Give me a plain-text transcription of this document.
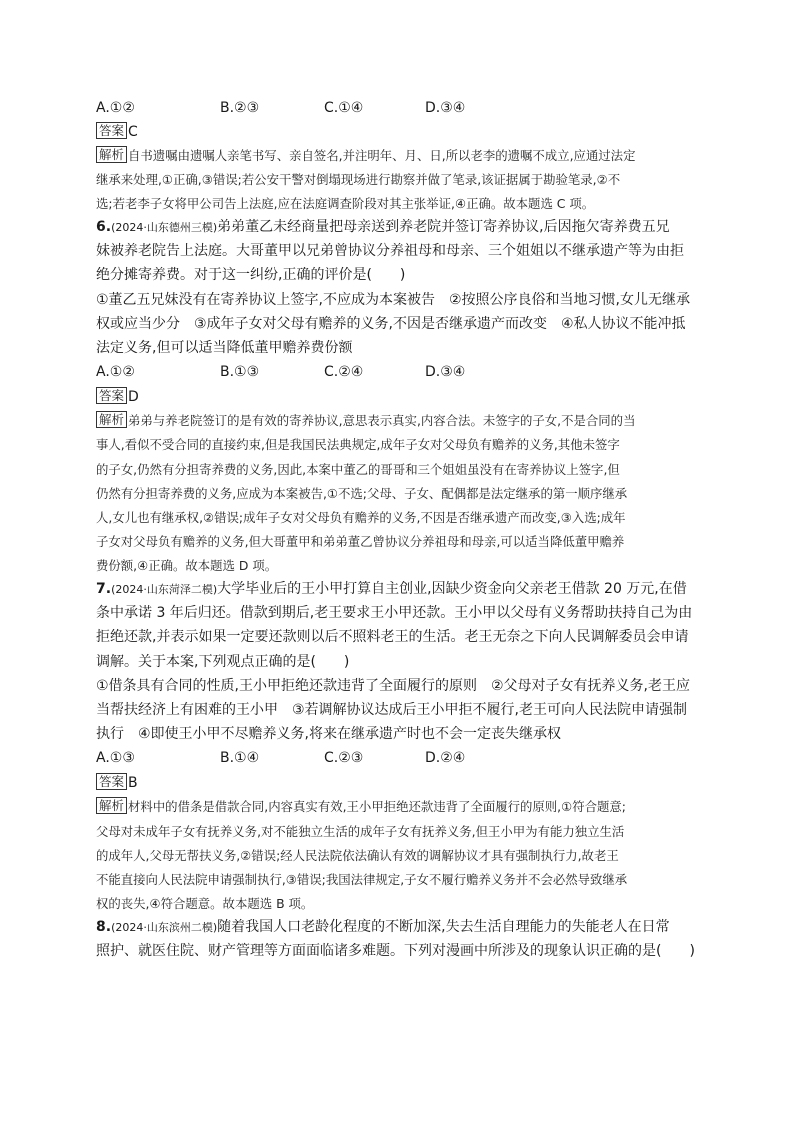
A.①②	B.②③	C.①④	D.③④
答案 C
解析 自书遗嘱由遗嘱人亲笔书写、亲自签名,并注明年、月、日,所以老李的遗嘱不成立,应通过法定
继承来处理,①正确,③错误;若公安干警对倒塌现场进行勘察并做了笔录,该证据属于勘验笔录,②不
选;若老李子女将甲公司告上法庭,应在法庭调查阶段对其主张举证,④正确。故本题选 C 项。
6.(2024·山东德州三模)弟弟董乙未经商量把母亲送到养老院并签订寄养协议,后因拖欠寄养费五兄
妹被养老院告上法庭。大哥董甲以兄弟曾协议分养祖母和母亲、三个姐姐以不继承遗产等为由拒
绝分摊寄养费。对于这一纠纷,正确的评价是(　　)
①董乙五兄妹没有在寄养协议上签字,不应成为本案被告　②按照公序良俗和当地习惯,女儿无继承
权或应当少分　③成年子女对父母有赡养的义务,不因是否继承遗产而改变　④私人协议不能冲抵
法定义务,但可以适当降低董甲赡养费份额
A.①②	B.①③	C.②④	D.③④
答案 D
解析 弟弟与养老院签订的是有效的寄养协议,意思表示真实,内容合法。未签字的子女,不是合同的当
事人,看似不受合同的直接约束,但是我国民法典规定,成年子女对父母负有赡养的义务,其他未签字
的子女,仍然有分担寄养费的义务,因此,本案中董乙的哥哥和三个姐姐虽没有在寄养协议上签字,但
仍然有分担寄养费的义务,应成为本案被告,①不选;父母、子女、配偶都是法定继承的第一顺序继承
人,女儿也有继承权,②错误;成年子女对父母负有赡养的义务,不因是否继承遗产而改变,③入选;成年
子女对父母负有赡养的义务,但大哥董甲和弟弟董乙曾协议分养祖母和母亲,可以适当降低董甲赡养
费份额,④正确。故本题选 D 项。
7.(2024·山东菏泽二模)大学毕业后的王小甲打算自主创业,因缺少资金向父亲老王借款 20 万元,在借
条中承诺 3 年后归还。借款到期后,老王要求王小甲还款。王小甲以父母有义务帮助扶持自己为由
拒绝还款,并表示如果一定要还款则以后不照料老王的生活。老王无奈之下向人民调解委员会申请
调解。关于本案,下列观点正确的是(　　)
①借条具有合同的性质,王小甲拒绝还款违背了全面履行的原则　②父母对子女有抚养义务,老王应
当帮扶经济上有困难的王小甲　③若调解协议达成后王小甲拒不履行,老王可向人民法院申请强制
执行　④即使王小甲不尽赡养义务,将来在继承遗产时也不会一定丧失继承权
A.①③	B.①④	C.②③	D.②④
答案 B
解析 材料中的借条是借款合同,内容真实有效,王小甲拒绝还款违背了全面履行的原则,①符合题意;
父母对未成年子女有抚养义务,对不能独立生活的成年子女有抚养义务,但王小甲为有能力独立生活
的成年人,父母无帮扶义务,②错误;经人民法院依法确认有效的调解协议才具有强制执行力,故老王
不能直接向人民法院申请强制执行,③错误;我国法律规定,子女不履行赡养义务并不会必然导致继承
权的丧失,④符合题意。故本题选 B 项。
8.(2024·山东滨州二模)随着我国人口老龄化程度的不断加深,失去生活自理能力的失能老人在日常
照护、就医住院、财产管理等方面面临诸多难题。下列对漫画中所涉及的现象认识正确的是(　　)
